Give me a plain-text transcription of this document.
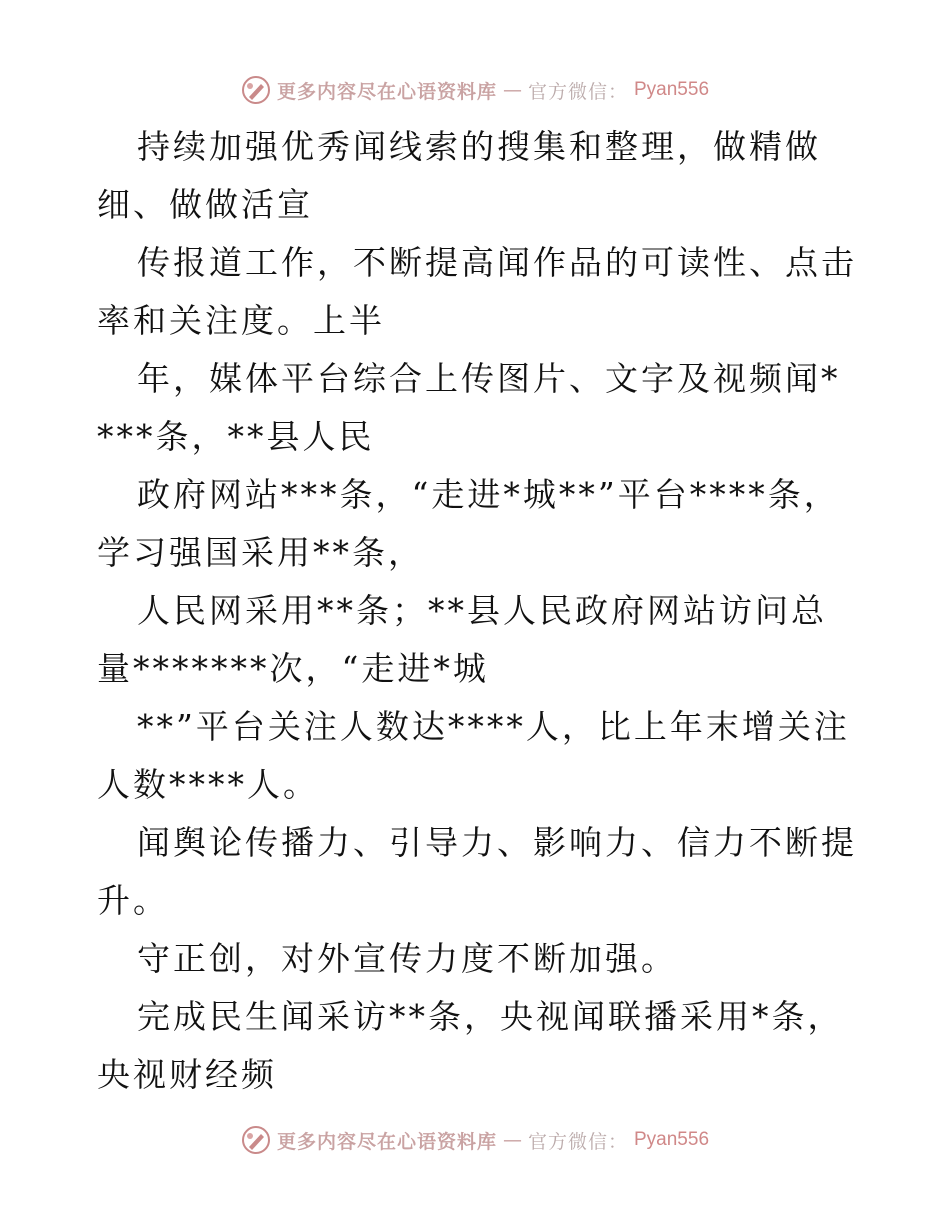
更多内容尽在心语资料库 — 官方微信： Pyan556

持续加强优秀闻线索的搜集和整理，做精做细、做做活宣

传报道工作，不断提高闻作品的可读性、点击率和关注度。上半

年，媒体平台综合上传图片、文字及视频闻****条，**县人民

政府网站***条，“走进*城**”平台****条，学习强国采用**条，

人民网采用**条；**县人民政府网站访问总量*******次，“走进*城

**”平台关注人数达****人，比上年末增关注人数****人。

闻舆论传播力、引导力、影响力、信力不断提升。

守正创，对外宣传力度不断加强。

完成民生闻采访**条，央视闻联播采用*条，央视财经频

更多内容尽在心语资料库 — 官方微信： Pyan556
